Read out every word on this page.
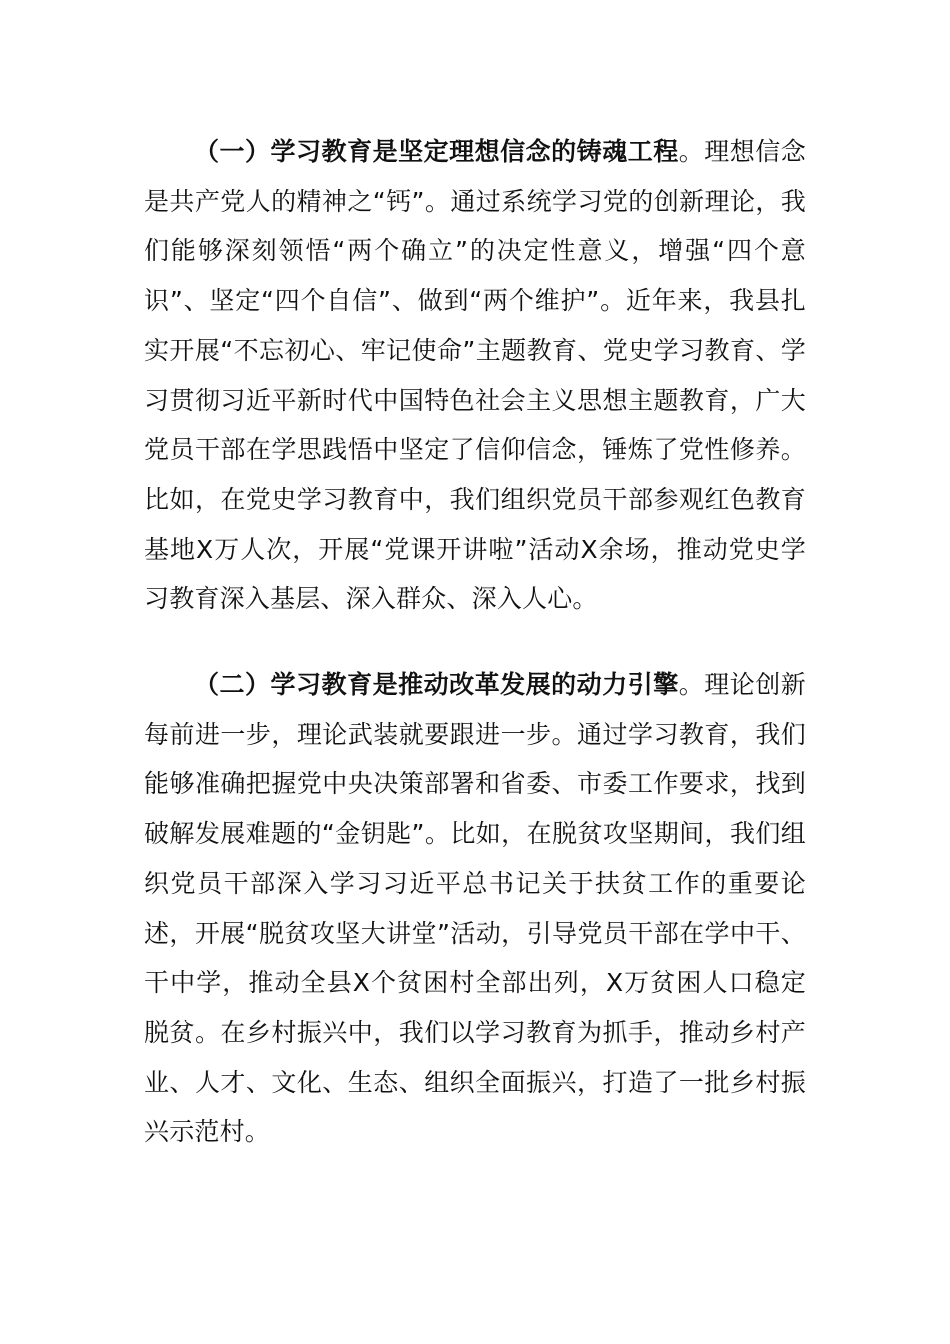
（一）学习教育是坚定理想信念的铸魂工程。理想信念是共产党人的精神之“钙”。通过系统学习党的创新理论，我们能够深刻领悟“两个确立”的决定性意义，增强“四个意识”、坚定“四个自信”、做到“两个维护”。近年来，我县扎实开展“不忘初心、牢记使命”主题教育、党史学习教育、学习贯彻习近平新时代中国特色社会主义思想主题教育，广大党员干部在学思践悟中坚定了信仰信念，锤炼了党性修养。比如，在党史学习教育中，我们组织党员干部参观红色教育基地X万人次，开展“党课开讲啦”活动X余场，推动党史学习教育深入基层、深入群众、深入人心。

（二）学习教育是推动改革发展的动力引擎。理论创新每前进一步，理论武装就要跟进一步。通过学习教育，我们能够准确把握党中央决策部署和省委、市委工作要求，找到破解发展难题的“金钥匙”。比如，在脱贫攻坚期间，我们组织党员干部深入学习习近平总书记关于扶贫工作的重要论述，开展“脱贫攻坚大讲堂”活动，引导党员干部在学中干、干中学，推动全县X个贫困村全部出列，X万贫困人口稳定脱贫。在乡村振兴中，我们以学习教育为抓手，推动乡村产业、人才、文化、生态、组织全面振兴，打造了一批乡村振兴示范村。
